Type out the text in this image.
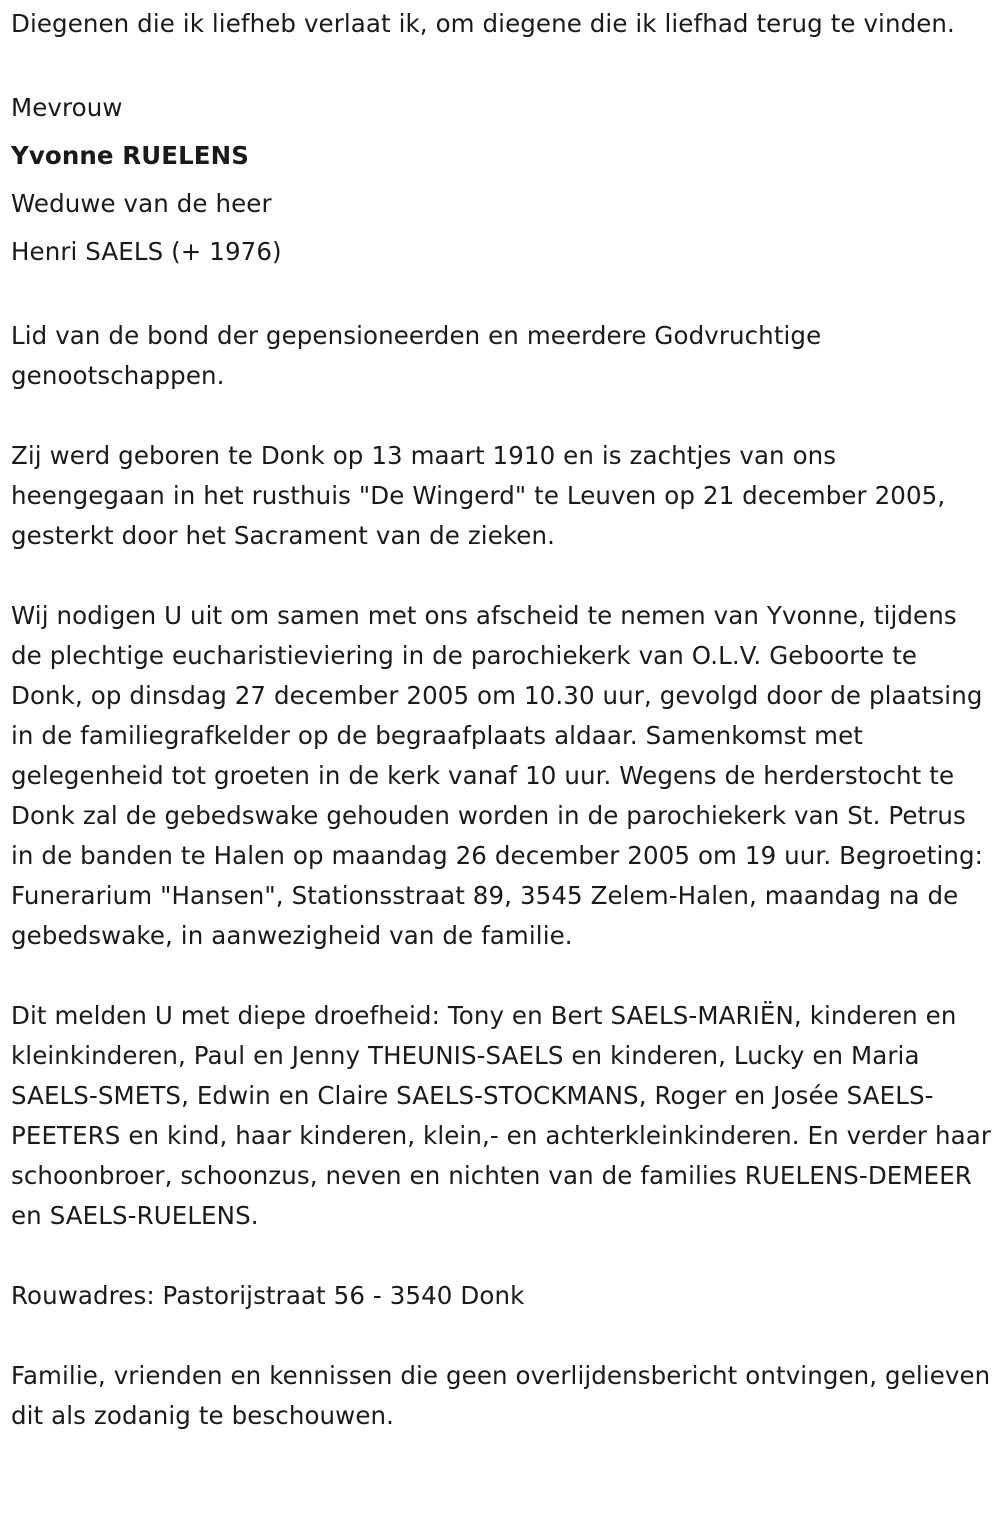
Diegenen die ik liefheb verlaat ik, om diegene die ik liefhad terug te vinden.

Mevrouw

Yvonne RUELENS

Weduwe van de heer

Henri SAELS (+ 1976)

Lid van de bond der gepensioneerden en meerdere Godvruchtige genootschappen.

Zij werd geboren te Donk op 13 maart 1910 en is zachtjes van ons heengegaan in het rusthuis "De Wingerd" te Leuven op 21 december 2005, gesterkt door het Sacrament van de zieken.

Wij nodigen U uit om samen met ons afscheid te nemen van Yvonne, tijdens de plechtige eucharistieviering in de parochiekerk van O.L.V. Geboorte te Donk, op dinsdag 27 december 2005 om 10.30 uur, gevolgd door de plaatsing in de familiegrafkelder op de begraafplaats aldaar. Samenkomst met gelegenheid tot groeten in de kerk vanaf 10 uur. Wegens de herderstocht te Donk zal de gebedswake gehouden worden in de parochiekerk van St. Petrus in de banden te Halen op maandag 26 december 2005 om 19 uur. Begroeting: Funerarium "Hansen", Stationsstraat 89, 3545 Zelem-Halen, maandag na de gebedswake, in aanwezigheid van de familie.

Dit melden U met diepe droefheid: Tony en Bert SAELS-MARIËN, kinderen en kleinkinderen, Paul en Jenny THEUNIS-SAELS en kinderen, Lucky en Maria SAELS-SMETS, Edwin en Claire SAELS-STOCKMANS, Roger en Josée SAELS-PEETERS en kind, haar kinderen, klein,- en achterkleinkinderen. En verder haar schoonbroer, schoonzus, neven en nichten van de families RUELENS-DEMEER en SAELS-RUELENS.

Rouwadres: Pastorijstraat 56 - 3540 Donk

Familie, vrienden en kennissen die geen overlijdensbericht ontvingen, gelieven dit als zodanig te beschouwen.
